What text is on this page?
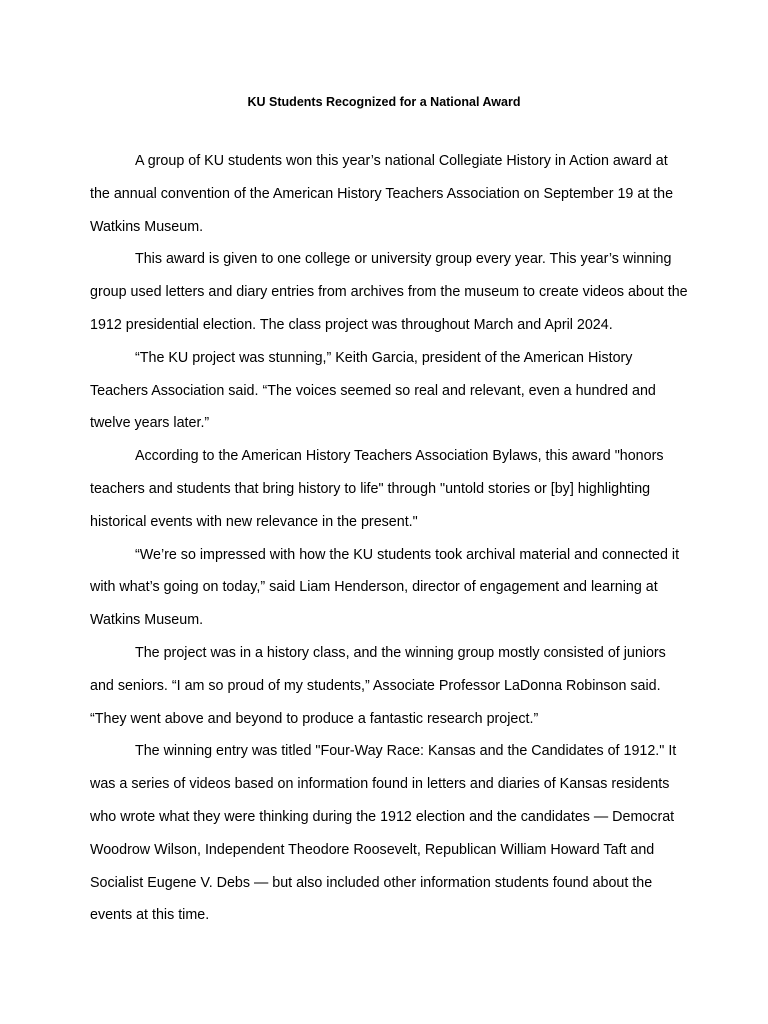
KU Students Recognized for a National Award

A group of KU students won this year’s national Collegiate History in Action award at the annual convention of the American History Teachers Association on September 19 at the Watkins Museum.

This award is given to one college or university group every year. This year’s winning group used letters and diary entries from archives from the museum to create videos about the 1912 presidential election. The class project was throughout March and April 2024.

“The KU project was stunning,” Keith Garcia, president of the American History Teachers Association said. “The voices seemed so real and relevant, even a hundred and twelve years later.”

According to the American History Teachers Association Bylaws, this award "honors teachers and students that bring history to life" through "untold stories or [by] highlighting historical events with new relevance in the present."

“We’re so impressed with how the KU students took archival material and connected it with what’s going on today,” said Liam Henderson, director of engagement and learning at Watkins Museum.

The project was in a history class, and the winning group mostly consisted of juniors and seniors. “I am so proud of my students,” Associate Professor LaDonna Robinson said. “They went above and beyond to produce a fantastic research project.”

The winning entry was titled "Four-Way Race: Kansas and the Candidates of 1912." It was a series of videos based on information found in letters and diaries of Kansas residents who wrote what they were thinking during the 1912 election and the candidates — Democrat Woodrow Wilson, Independent Theodore Roosevelt, Republican William Howard Taft and Socialist Eugene V. Debs — but also included other information students found about the events at this time.
